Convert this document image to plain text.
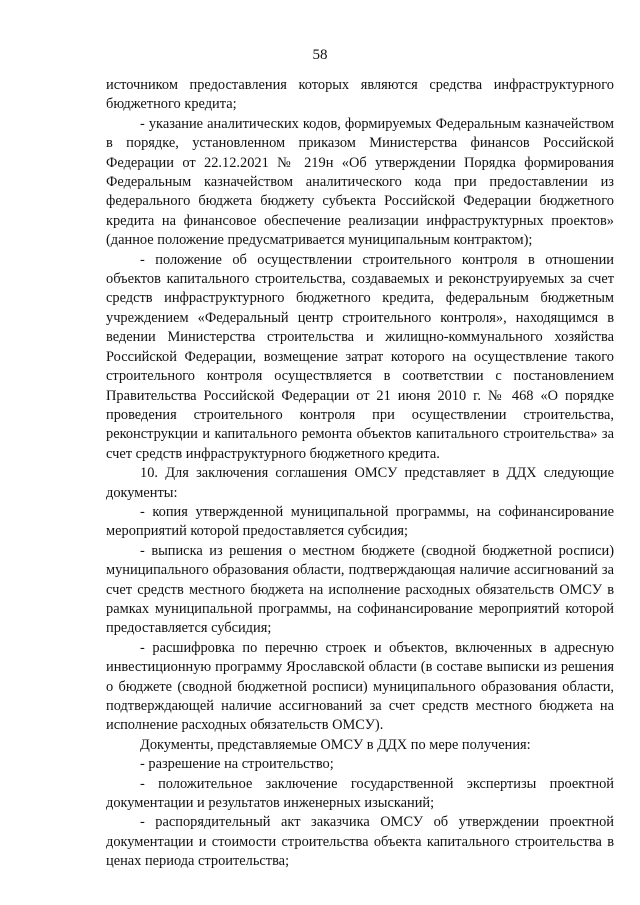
58

источником предоставления которых являются средства инфраструктурного бюджетного кредита;

- указание аналитических кодов, формируемых Федеральным казначейством в порядке, установленном приказом Министерства финансов Российской Федерации от 22.12.2021 № 219н «Об утверждении Порядка формирования Федеральным казначейством аналитического кода при предоставлении из федерального бюджета бюджету субъекта Российской Федерации бюджетного кредита на финансовое обеспечение реализации инфраструктурных проектов» (данное положение предусматривается муниципальным контрактом);

- положение об осуществлении строительного контроля в отношении объектов капитального строительства, создаваемых и реконструируемых за счет средств инфраструктурного бюджетного кредита, федеральным бюджетным учреждением «Федеральный центр строительного контроля», находящимся в ведении Министерства строительства и жилищно-коммунального хозяйства Российской Федерации, возмещение затрат которого на осуществление такого строительного контроля осуществляется в соответствии с постановлением Правительства Российской Федерации от 21 июня 2010 г. № 468 «О порядке проведения строительного контроля при осуществлении строительства, реконструкции и капитального ремонта объектов капитального строительства» за счет средств инфраструктурного бюджетного кредита.

10. Для заключения соглашения ОМСУ представляет в ДДХ следующие документы:

- копия утвержденной муниципальной программы, на софинансирование мероприятий которой предоставляется субсидия;

- выписка из решения о местном бюджете (сводной бюджетной росписи) муниципального образования области, подтверждающая наличие ассигнований за счет средств местного бюджета на исполнение расходных обязательств ОМСУ в рамках муниципальной программы, на софинансирование мероприятий которой предоставляется субсидия;

- расшифровка по перечню строек и объектов, включенных в адресную инвестиционную программу Ярославской области (в составе выписки из решения о бюджете (сводной бюджетной росписи) муниципального образования области, подтверждающей наличие ассигнований за счет средств местного бюджета на исполнение расходных обязательств ОМСУ).

Документы, представляемые ОМСУ в ДДХ по мере получения:

- разрешение на строительство;

- положительное заключение государственной экспертизы проектной документации и результатов инженерных изысканий;

- распорядительный акт заказчика ОМСУ об утверждении проектной документации и стоимости строительства объекта капитального строительства в ценах периода строительства;
